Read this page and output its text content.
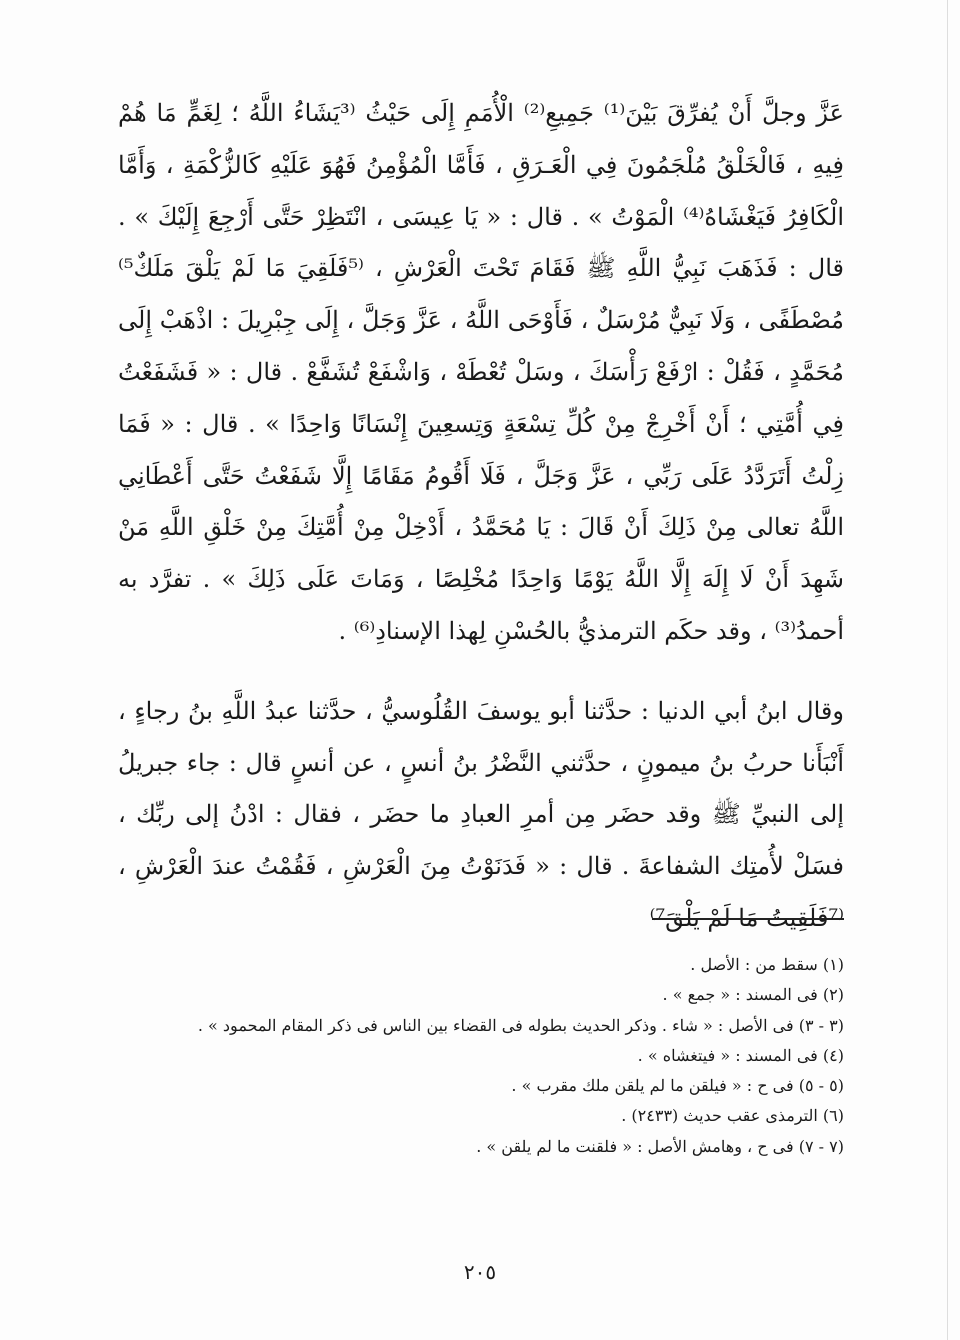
عَزَّ وجلَّ أَنْ يُفرِّقَ بَيْنَ⁽¹⁾ جَمِيعِ⁽²⁾ الْأُمَمِ إِلَى حَيْثُ ⁽³يَشَاءُ اللَّهُ ؛ لِغَمٍّ مَا هُمْ فِيهِ ، فَالْخَلْقُ مُلْجَمُونَ فِي الْعَـرَقِ ، فَأَمَّا الْمُؤْمِنُ فَهُوَ عَلَيْهِ كَالزُّكْمَةِ ، وَأَمَّا الْكَافِرُ فَيَغْشَاهُ⁽⁴⁾ الْمَوْتُ » . قال : « يَا عِيسَى ، انْتَظِرْ حَتَّى أَرْجِعَ إِلَيْكَ » . قال : فَذَهَبَ نَبِيُّ اللَّهِ ﷺ فَقَامَ تَحْتَ الْعَرْشِ ، ⁽⁵فَلَقِيَ مَا لَمْ يَلْقَ مَلَكٌ⁵⁾ مُصْطَفًى ، وَلَا نَبِيٌّ مُرْسَلٌ ، فَأَوْحَى اللَّهُ ، عَزَّ وَجَلَّ ، إِلَى جِبْرِيلَ : اذْهَبْ إِلَى مُحَمَّدٍ ، فَقُلْ : ارْفَعْ رَأْسَكَ ، وسَلْ تُعْطَهْ ، وَاشْفَعْ تُشَفَّعْ . قال : « فَشَفَعْتُ فِي أُمَّتِي ؛ أَنْ أَخْرِجْ مِنْ كُلِّ تِسْعَةٍ وَتِسعِينَ إِنْسَانًا وَاحِدًا » . قال : « فَمَا زِلْتُ أَتَرَدَّدُ عَلَى رَبِّي ، عَزَّ وَجَلَّ ، فَلَا أَقُومُ مَقَامًا إِلَّا شَفَعْتُ حَتَّى أَعْطَانِي اللَّهُ تعالى مِنْ ذَلِكَ أَنْ قَالَ : يَا مُحَمَّدُ ، أَدْخِلْ مِنْ أُمَّتِكَ مِنْ خَلْقِ اللَّهِ مَنْ شَهِدَ أَنْ لَا إِلَهَ إِلَّا اللَّهُ يَوْمًا وَاحِدًا مُخْلِصًا ، وَمَاتَ عَلَى ذَلِكَ » . تفرَّد به أحمدُ⁽³⁾ ، وقد حكَم الترمذيُّ بالحُسْنِ لِهذا الإسنادِ⁽⁶⁾ .

وقال ابنُ أبي الدنيا : حدَّثنا أبو يوسفَ القُلُوسيُّ ، حدَّثنا عبدُ اللَّهِ بنُ رجاءٍ ، أَنْبَأَنا حربُ بنُ ميمونٍ ، حدَّثني النَّضْرُ بنُ أنسٍ ، عن أنسٍ قال : جاء جبريلُ إلى النبيِّ ﷺ وقد حضَر مِن أمرِ العبادِ ما حضَر ، فقال : ادْنُ إلى ربِّك ، فسَلْ لأُمتِك الشفاعةَ . قال : « فَدَنَوْتُ مِنَ الْعَرْشِ ، فَقُمْتُ عندَ الْعَرْشِ ، ⁽⁷فَلَقِيتُ مَا لَمْ يَلْقَ⁷⁾

(١) سقط من : الأصل .
(٢) فى المسند : « جمع » .
(٣ - ٣) فى الأصل : « شاء . وذكر الحديث بطوله فى القضاء بين الناس فى ذكر المقام المحمود » .
(٤) فى المسند : « فيتغشاه » .
(٥ - ٥) فى ح : « فيلقن ما لم يلقن ملك مقرب » .
(٦) الترمذى عقب حديث (٢٤٣٣) .
(٧ - ٧) فى ح ، وهامش الأصل : « فلقنت ما لم يلقن » .
٢٠٥
